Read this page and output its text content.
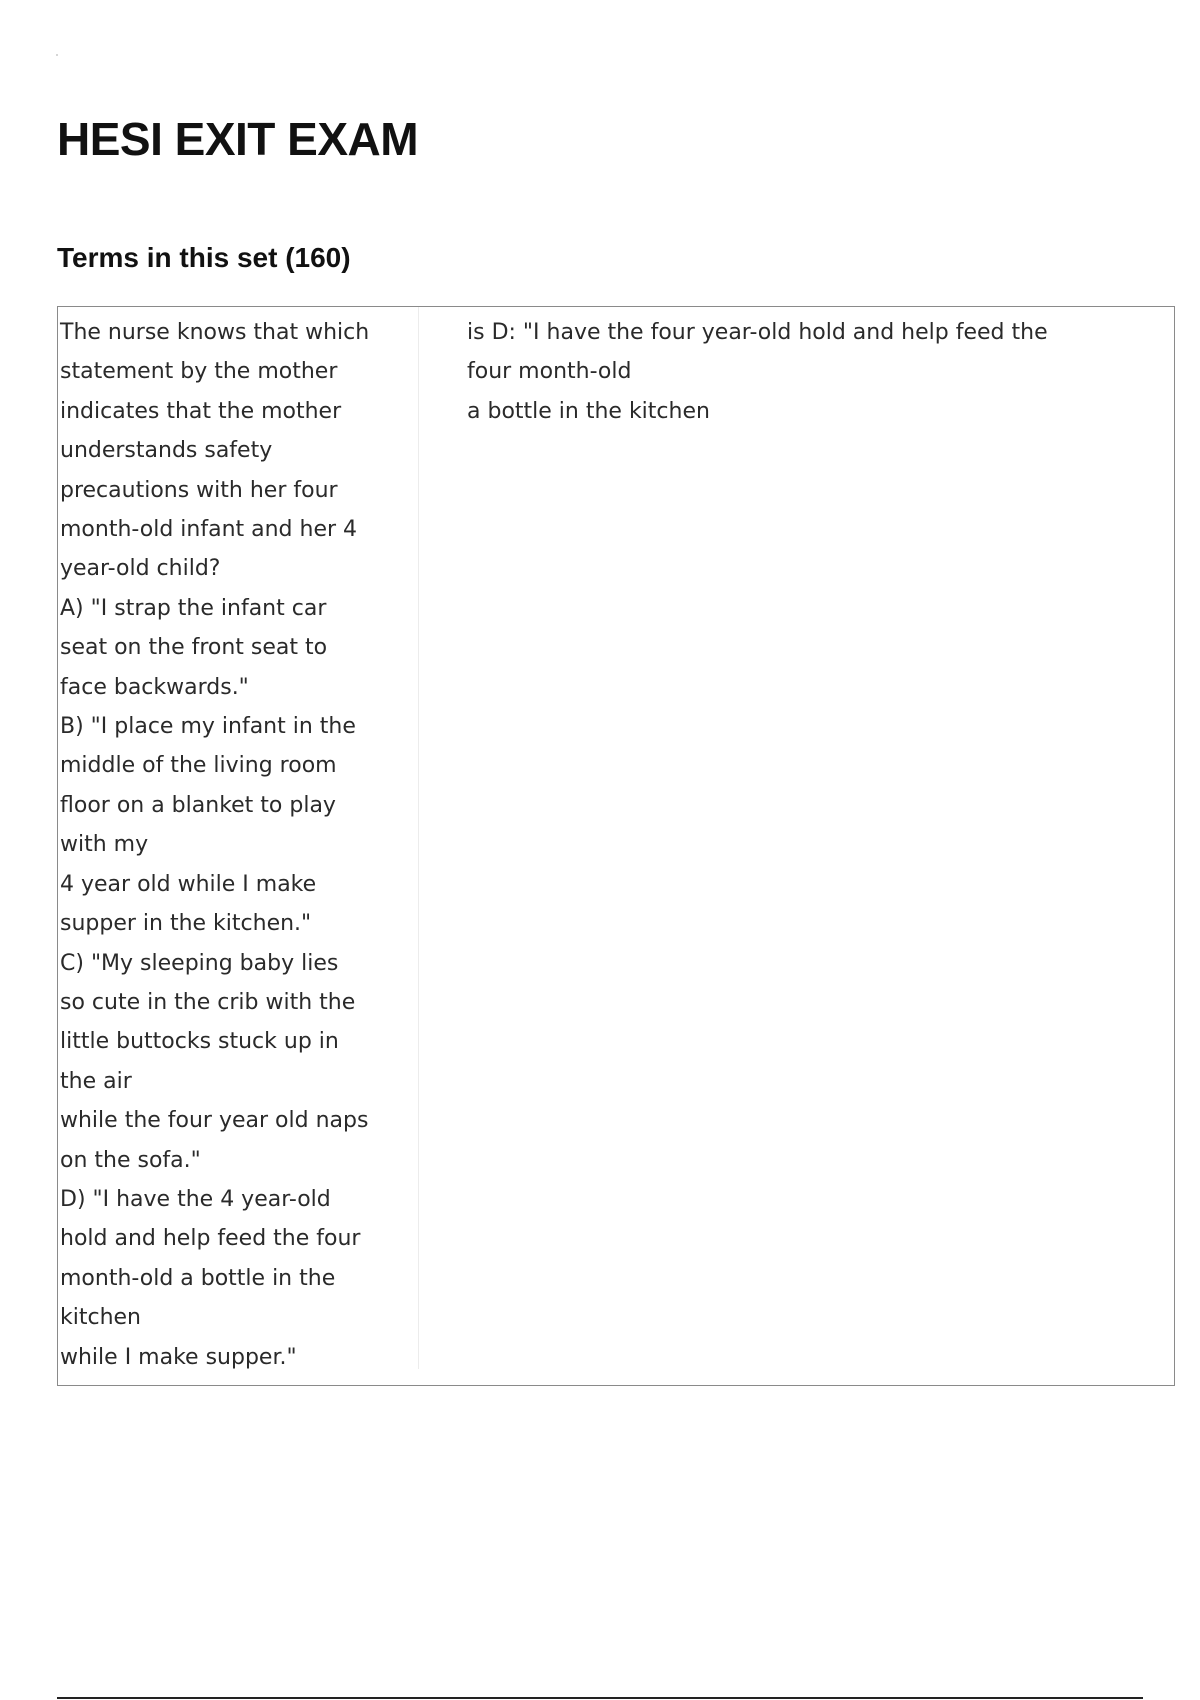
HESI EXIT EXAM
Terms in this set (160)
The nurse knows that which
statement by the mother
indicates that the mother
understands safety
precautions with her four
month-old infant and her 4
year-old child?
A) "I strap the infant car
seat on the front seat to
face backwards."
B) "I place my infant in the
middle of the living room
floor on a blanket to play
with my
4 year old while I make
supper in the kitchen."
C) "My sleeping baby lies
so cute in the crib with the
little buttocks stuck up in
the air
while the four year old naps
on the sofa."
D) "I have the 4 year-old
hold and help feed the four
month-old a bottle in the
kitchen
while I make supper."
is D: "I have the four year-old hold and help feed the
four month-old
a bottle in the kitchen
